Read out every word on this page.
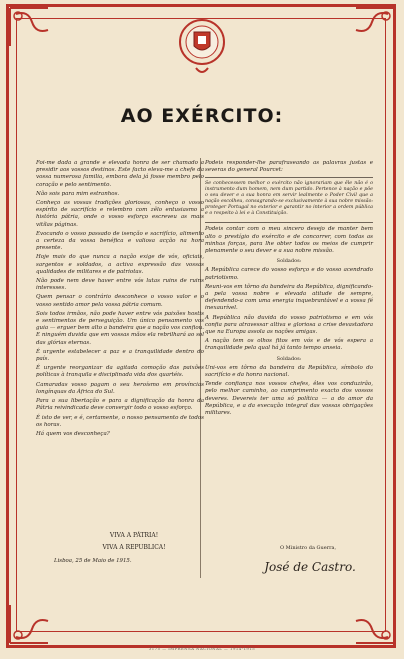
AO EXÉRCITO:

Foi-me dada a grande e elevada honra de ser chamado a presidir aos vossos destinos. Este facto eleva-me a chefe da vossa numerosa familia, embora dela já fosse membro pelo coração e pelo sentimento.

Não sois para mim estranhos.

Conheço as vossas tradições gloriosas, conheço o vosso espírito de sacrifício e relembro com zêlo entusiasmo a história pátria, onde o vosso esforço escreveu as mais vitílas páginas.

Evocando o vosso passado de isenção e sacrifício, alimento a certeza da vossa benéfica e valiosa acção na hora presente.

Hoje mais do que nunca a nação exige de vós, oficiais, sargentos e soldados, a activa expressão das vossas qualidades de militares e de patriotas.

Não pode nem deve haver entre vós lutas ruins de ruins interesses.

Quem pensar o contrário desconhece o vosso valor e o vosso sentido amor pela vossa pátria comum.

Sois todos irmãos, não pode haver entre vós paixões hostis e sentimentos de perseguição. Um único pensamento vos guia — erguer bem alto a bandeira que a nação vos confiou. E ninguém duvida que em vossas mãos ela rebrilhará ao sol das glórias eternas.

É urgente estabelecer a paz e a tranquilidade dentro do país.

É urgente reorganizar da agitada comoção das paixões políticas à tranquila e disciplinada vida dos quartéis.

Camaradas vosso pagam o seu heroísmo em províncias longínquas da África do Sul.

Para a sua libertação e para a dignificação da honra da Pátria reivindicada deve convergir todo o vosso esforço.

É isto de ver, e é, certamente, o nosso pensamento de todos os horas.

Há quem vos desconheça?

Podeis responder-lhe parafraseando as palavras justas e severas do general Pourcet:

Se conhecessem melhor o exército não ignorariam que êle não é o instrumento dum homem, nem dum partido. Pertence à nação e pôe o seu dever e a sua honra em servir lealmente o Poder Civil que a nação escolheu, consagrando-se exclusivamente à sua nobre missão: proteger Portugal no exterior e garantir no interior a ordem pública e o respeito à lei e à Constituição.

Podeis contar com o meu sincero desejo de manter bem alto o prestígio do exército e de concorrer, com todas as minhas forças, para lhe obter todos os meios de cumprir plenamente o seu dever e a sua nobre missão.

Soldados:

A República carece do vosso esforço e do vosso acendrado patriotismo.

Reuni-vos em tôrno da bandeira da República, dignificando-a pela vossa nobre e elevada atitude de sempre, defendendo-a com uma energia inquebrantável e a vossa fé inexaurível.

A República não duvida do vosso patriotismo e em vós confia para atravessar altiva e gloriosa a crise devastadora que na Europa assola as nações amigas.

A nação tem os olhos fitos em vós e de vós espera a tranquilidade pela qual há já tanto tempo anseia.

Soldados:

Uni-vos em tôrno da bandeira da República, símbolo do sacrifício e da honra nacional.

Tende confiança nos vossos chefes, êles vos conduzirão, pelo melhor caminho, ao cumprimento exacto dos vossos deveres. Devereis ter uma só política — a do amor da República, e a da execução integral das vossas obrigações militares.

VIVA A PÁTRIA!
VIVA A REPUBLICA!
Lisboa, 25 de Maio de 1915.
O Ministro da Guerra,
José de Castro.
3175 — IMPRENSA NACIONAL — 1914-1915
